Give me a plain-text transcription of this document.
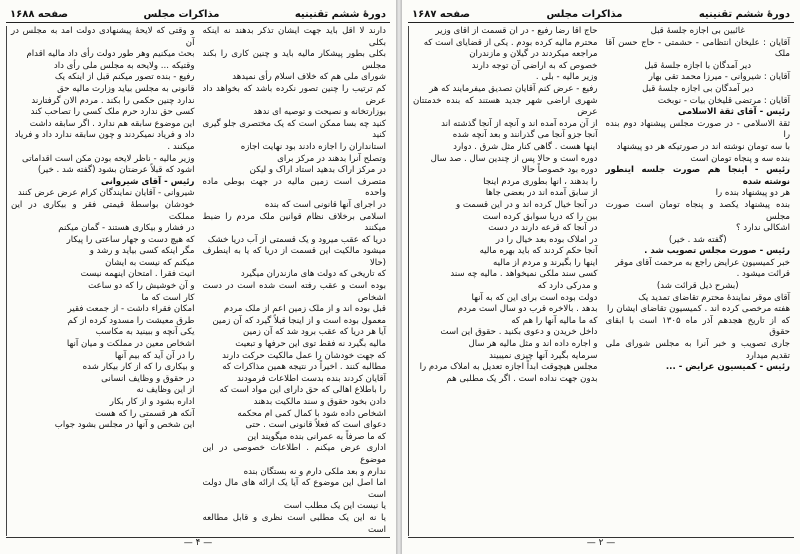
دورهٔ ششم تقنینیه
مذاکرات مجلس
صفحه ۱۶۸۸

دارند لا اقل باید جهت ایشان تذکر بدهند نه اینکه بکلی

بکلی بطور پیشکار مالیه باید و چنین کاری را بکند مجلس

شورای ملی هم که خلاف اسلام رأی نمیدهد

کم ترتیب را چنین تصور نکرده باشد که بخواهد داد عرض

بوزارتخانه و نصیحت و توصیه ای ندهد

کنید چه بسا ممکن است که یک مختصری جلو گیری کنید

استانداران را اجازه دادند بود نهایت اجازه

وتصلح آنرا بدهند در مرکز برای

در مرکز اراک بدهید استاد اراک و لیکن

متصرف است زمین مالیه در جهت بوطی ماده واحده

در اجرای آنها قانونی است که بنده

اسلامی برخلاف نظام قوانین ملک مردم را ضبط میکنند

دریا که عقب میرود و یک قسمتی از آب دریا خشک

میشود مالکیت این قسمت از دریا که یا به اینطرف (حالا

که تاریخی که دولت های مازندران میگیرد

بوده است و عقب رفته است شده است در دست اشخاص

قبل بوده اند و از ملک زمین اعم از ملک مردم

معمول بوده است و از اینجا قبلاً گیرد که آن زمین

آیا هر دریا که عقب برود شد که آن زمین

مالیه بگیرد نه فقط توی این حرفها و تبعیت

که جهت خودشان را عمل مالکیت حرکت دارند

مطالبه کنند . اخیراً در نتیجه همین مذاکرات که

آقایان کردند بنده بدست اطلاعات فرمودند

را باطلاع اهالی که حق دارای این مواد است که

دادن بخود حقوق و سند مالکیت بدهند

اشخاص داده شود با کمال کمی ام محکمه

دعوای است که فعلاً قانونی است . حتی

که ما صرفاً به عمرانی بنده میگویند این

اداری عرض میکنم . اطلاعات خصوصی در این موضوع

ندارم و بعد ملکی دارم و نه بستگان بنده

اما اصل این موضوع که آیا یک ارائه های مال دولت است

یا نیست این یک مطلب است

یا نه این یک مطلبی است نظری و قابل مطالعه است

و وقتی که لایحهٔ پیشنهادی دولت آمد به مجلس در آن

بحث میکنیم وهر طور دولت رأی داد مالیه اقدام

وقتیکه ... ولایحه به مجلس ملی رأی داد

رفیع - بنده تصور میکنم قبل از اینکه یک

قانونی به مجلس بیاید وزارت مالیه حق

ندارد چنین حکمی را بکند . مردم الان گرفتارند

کسی حق ندارد حرم ملک کسی را تصاحب کند

این موضوع سابقه هم ندارد . اگر سابقه داشت

داد و فریاد نمیکردند و چون سابقه ندارد داد و فریاد

میکنند .

وزیر مالیه - ناظر لایحه بودن مکن است اقداماتی

اشود که قبلاً عرضتان بشود (گفته شد . خیر)

رئیس - آقای شیروانی

شیروانی - آقایان نمایندگان کرام عرض عرض کنند

خودشان بواسطهٔ قیمتی فقر و بیکاری در این مملکت

در فشار و بیکاری هستند - گمان میکنم

که هیچ دست و جهار ساعتی را پیکار

مگر اینکه کسی بیاید و رشد و

میکنم که نیست به ایشان

انیت فقرا . امتحان اینهمه نیست

و آن خوشیش را که دو ساعت

کار است که ما

امکان فقراء داشت - از جمعت فقیر

طرق معیشت را مسدود کرده از کم

یکی آنچه و ببینید به مکاسب

اشخاص معین در مملکت و میان آنها

را در آن آید که بیم آنها

و بیکاری را که از کار بیکار شده

در حقوق و وظایف انسانی

از این وظایف نه

اداره بشود و از کار بکار

آنکه هر قسمتی را که هست

این شخص و آنها در مجلس بشود جواب

— ۴ —
دورهٔ ششم تقنینیه
مذاکرات مجلس
صفحه ۱۶۸۷

غائبین بی اجازه جلسهٔ قبل

آقایان : علیخان انتظامی - حشمتی - حاج حسن آقا ملک

دیر آمدگان با اجازه جلسهٔ قبل

آقایان : شیروانی - میرزا محمد تقی بهار

دیر آمدگان بی اجازه جلسهٔ قبل

آقایان : مرتضی قلیخان بیات - نوبخت

رئیس - آقای ثقة الاسلامی

ثقة الاسلامی - در صورت مجلس پیشنهاد دوم بنده را

با سه تومان نوشته اند در صورتیکه هر دو پیشنهاد

بنده سه و پنجاه تومان است

رئیس - اینجا هم صورت جلسه اینطور نوشته شده

هر دو پیشنهاد بنده را

بنده پیشنهاد یکصد و پنجاه تومان است صورت مجلس

اشکالی ندارد ؟

(گفته شد . خیر)

رئیس - صورت مجلس تصویب شد .

خبر کمیسیون عرایض راجع به مرحمت آقای موقر

قرائت میشود .

(بشرح ذیل قرائت شد)

آقای موقر نمایندهٔ محترم تقاضای تمدید یک

هفته مرخصی کرده اند . کمیسیون تقاضای ایشان را

که از تاریخ هجدهم آذر ماه ۱۳۰۵ است با ابقای حقوق

جاری تصویب و خبر آنرا به مجلس شورای ملی تقدیم میدارد

رئیس - کمیسیون عرایض - ...

حاج آقا رضا رفیع - در آن قسمت از آقای وزیر

محترم مالیه کرده بودم . یکی از قضایای است که

مراجعه میکردند در گیلان و مازندران

خصوص که به اراضی آن توجه دارند

وزیر مالیه - بلی .

رفیع - عرض کنم آقایان تصدیق میفرمایند که هر

شهری اراضی شهر جدید هستند که بنده خدمتتان عرض

از آن مرده آمده اند و آنچه از آنجا گذشته اند

آنجا جزو آنجا می گذرانند و بعد آنچه شده

اینها هست . گاهی کنار مثل شرق . دوارد

دوره است و حالا پس از چندین سال . صد سال

دوره بود خصوصاً حالا

را بدهند ، انها بطوری مردم اینجا

از سابق آمده اند در بعضی جاها

در آنجا خیال کرده اند و در این قسمت و

بین را که دریا سوابق کرده است

در آنجا که قرعه دارند در دست

در املاک بوده بعد خیال را در

آنجا حکم کردند که باید بهره مالیه

اینها را بگیرند و مردم از مالیه

کسی سند ملکی نمیخواهد . مالیه چه سند

و مدرکی دارد که

دولت بوده است برای این که به آنها

بدهد . بالاخره قرب دو سال است مردم

که ما مالیه آنها را هم که

داخل خریدن و دعوی بکنید . حقوق این است

و اجاره داده اند و مثل مالیه هر سال

سرمایه بگیرد آنها چیزی نمیبیند

مجلس هیچوقت ابداً اجازه تعدیل به املاک مردم را

بدون جهت نداده است . اگر یک مطلبی هم

— ۲ —
